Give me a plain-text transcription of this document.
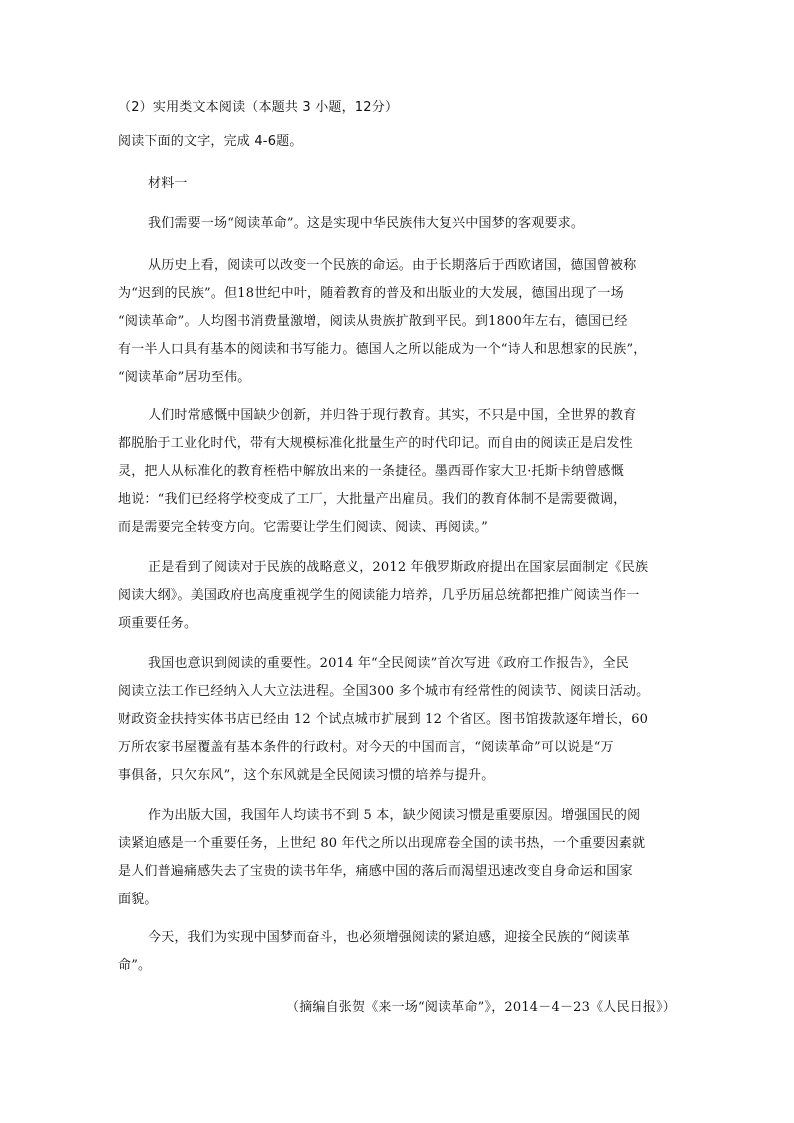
（2）实用类文本阅读（本题共 3 小题，12分）
阅读下面的文字，完成 4-6题。
材料一
我们需要一场“阅读革命”。这是实现中华民族伟大复兴中国梦的客观要求。
从历史上看，阅读可以改变一个民族的命运。由于长期落后于西欧诸国，德国曾被称
为“迟到的民族”。但18世纪中叶，随着教育的普及和出版业的大发展，德国出现了一场
“阅读革命”。人均图书消费量激增，阅读从贵族扩散到平民。到1800年左右，德国已经
有一半人口具有基本的阅读和书写能力。德国人之所以能成为一个“诗人和思想家的民族”，
“阅读革命”居功至伟。
人们时常感慨中国缺少创新，并归咎于现行教育。其实，不只是中国，全世界的教育
都脱胎于工业化时代，带有大规模标准化批量生产的时代印记。而自由的阅读正是启发性
灵，把人从标准化的教育桎梏中解放出来的一条捷径。墨西哥作家大卫·托斯卡纳曾感慨
地说：“我们已经将学校变成了工厂，大批量产出雇员。我们的教育体制不是需要微调，
而是需要完全转变方向。它需要让学生们阅读、阅读、再阅读。”
正是看到了阅读对于民族的战略意义，2012 年俄罗斯政府提出在国家层面制定《民族
阅读大纲》。美国政府也高度重视学生的阅读能力培养，几乎历届总统都把推广阅读当作一
项重要任务。
我国也意识到阅读的重要性。2014 年“全民阅读”首次写进《政府工作报告》，全民
阅读立法工作已经纳入人大立法进程。全国300 多个城市有经常性的阅读节、阅读日活动。
财政资金扶持实体书店已经由 12 个试点城市扩展到 12 个省区。图书馆拨款逐年增长，60
万所农家书屋覆盖有基本条件的行政村。对今天的中国而言，“阅读革命”可以说是“万
事俱备，只欠东风”，这个东风就是全民阅读习惯的培养与提升。
作为出版大国，我国年人均读书不到 5 本，缺少阅读习惯是重要原因。增强国民的阅
读紧迫感是一个重要任务，上世纪 80 年代之所以出现席卷全国的读书热，一个重要因素就
是人们普遍痛感失去了宝贵的读书年华，痛感中国的落后而渴望迅速改变自身命运和国家
面貌。
今天，我们为实现中国梦而奋斗，也必须增强阅读的紧迫感，迎接全民族的“阅读革
命”。
（摘编自张贺《来一场“阅读革命”》，2014－4－23《人民日报》）
